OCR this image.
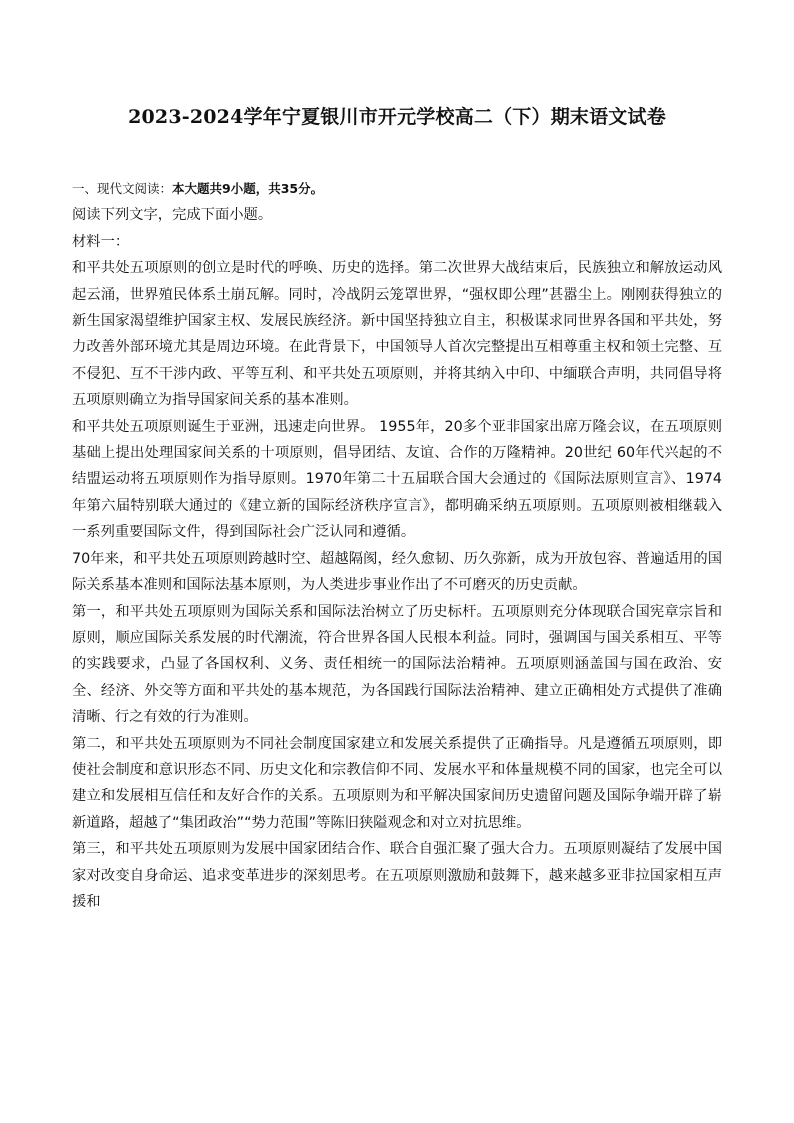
2023-2024学年宁夏银川市开元学校高二（下）期末语文试卷

一、现代文阅读：本大题共9小题，共35分。

阅读下列文字，完成下面小题。

材料一：

和平共处五项原则的创立是时代的呼唤、历史的选择。第二次世界大战结束后，民族独立和解放运动风起云涌，世界殖民体系土崩瓦解。同时，冷战阴云笼罩世界，“强权即公理”甚嚣尘上。刚刚获得独立的新生国家渴望维护国家主权、发展民族经济。新中国坚持独立自主，积极谋求同世界各国和平共处，努力改善外部环境尤其是周边环境。在此背景下，中国领导人首次完整提出互相尊重主权和领土完整、互不侵犯、互不干涉内政、平等互利、和平共处五项原则，并将其纳入中印、中缅联合声明，共同倡导将五项原则确立为指导国家间关系的基本准则。

和平共处五项原则诞生于亚洲，迅速走向世界。 1955年，20多个亚非国家出席万隆会议，在五项原则基础上提出处理国家间关系的十项原则，倡导团结、友谊、合作的万隆精神。20世纪 60年代兴起的不结盟运动将五项原则作为指导原则。1970年第二十五届联合国大会通过的《国际法原则宣言》、1974年第六届特别联大通过的《建立新的国际经济秩序宣言》，都明确采纳五项原则。五项原则被相继载入一系列重要国际文件，得到国际社会广泛认同和遵循。

70年来，和平共处五项原则跨越时空、超越隔阂，经久愈韧、历久弥新，成为开放包容、普遍适用的国际关系基本准则和国际法基本原则，为人类进步事业作出了不可磨灭的历史贡献。

第一，和平共处五项原则为国际关系和国际法治树立了历史标杆。五项原则充分体现联合国宪章宗旨和原则，顺应国际关系发展的时代潮流，符合世界各国人民根本利益。同时，强调国与国关系相互、平等的实践要求，凸显了各国权利、义务、责任相统一的国际法治精神。五项原则涵盖国与国在政治、安全、经济、外交等方面和平共处的基本规范，为各国践行国际法治精神、建立正确相处方式提供了准确清晰、行之有效的行为准则。

第二，和平共处五项原则为不同社会制度国家建立和发展关系提供了正确指导。凡是遵循五项原则，即使社会制度和意识形态不同、历史文化和宗教信仰不同、发展水平和体量规模不同的国家，也完全可以建立和发展相互信任和友好合作的关系。五项原则为和平解决国家间历史遗留问题及国际争端开辟了崭新道路，超越了“集团政治”“势力范围”等陈旧狭隘观念和对立对抗思维。

第三，和平共处五项原则为发展中国家团结合作、联合自强汇聚了强大合力。五项原则凝结了发展中国家对改变自身命运、追求变革进步的深刻思考。在五项原则激励和鼓舞下，越来越多亚非拉国家相互声援和
